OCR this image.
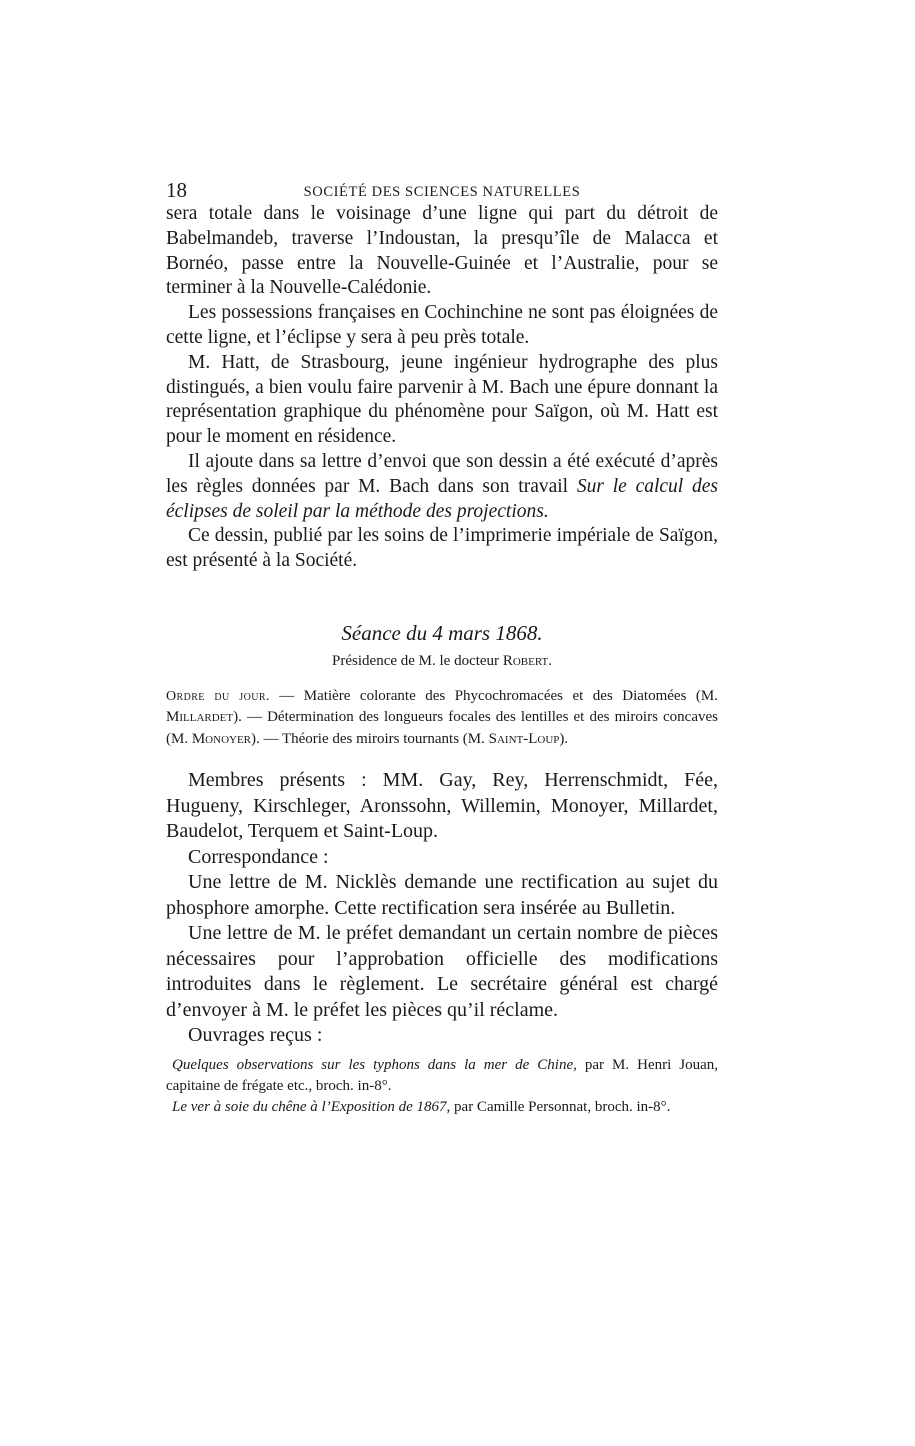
18	SOCIÉTÉ DES SCIENCES NATURELLES

sera totale dans le voisinage d’une ligne qui part du détroit de Babelmandeb, traverse l’Indoustan, la presqu’île de Malacca et Bornéo, passe entre la Nouvelle-Guinée et l’Australie, pour se terminer à la Nouvelle-Calédonie.

Les possessions françaises en Cochinchine ne sont pas éloignées de cette ligne, et l’éclipse y sera à peu près totale.

M. Hatt, de Strasbourg, jeune ingénieur hydrographe des plus distingués, a bien voulu faire parvenir à M. Bach une épure donnant la représentation graphique du phénomène pour Saïgon, où M. Hatt est pour le moment en résidence.

Il ajoute dans sa lettre d’envoi que son dessin a été exécuté d’après les règles données par M. Bach dans son travail Sur le calcul des éclipses de soleil par la méthode des projections.

Ce dessin, publié par les soins de l’imprimerie impériale de Saïgon, est présenté à la Société.

Séance du 4 mars 1868.
Présidence de M. le docteur Robert.
Ordre du jour. — Matière colorante des Phycochromacées et des Diatomées (M. Millardet). — Détermination des longueurs focales des lentilles et des miroirs concaves (M. Monoyer). — Théorie des miroirs tournants (M. Saint-Loup).

Membres présents : MM. Gay, Rey, Herrenschmidt, Fée, Hugueny, Kirschleger, Aronssohn, Willemin, Monoyer, Millardet, Baudelot, Terquem et Saint-Loup.

Correspondance :

Une lettre de M. Nicklès demande une rectification au sujet du phosphore amorphe. Cette rectification sera insérée au Bulletin.

Une lettre de M. le préfet demandant un certain nombre de pièces nécessaires pour l’approbation officielle des modifications introduites dans le règlement. Le secrétaire général est chargé d’envoyer à M. le préfet les pièces qu’il réclame.

Ouvrages reçus :

Quelques observations sur les typhons dans la mer de Chine, par M. Henri Jouan, capitaine de frégate etc., broch. in-8°.

Le ver à soie du chêne à l’Exposition de 1867, par Camille Personnat, broch. in-8°.
